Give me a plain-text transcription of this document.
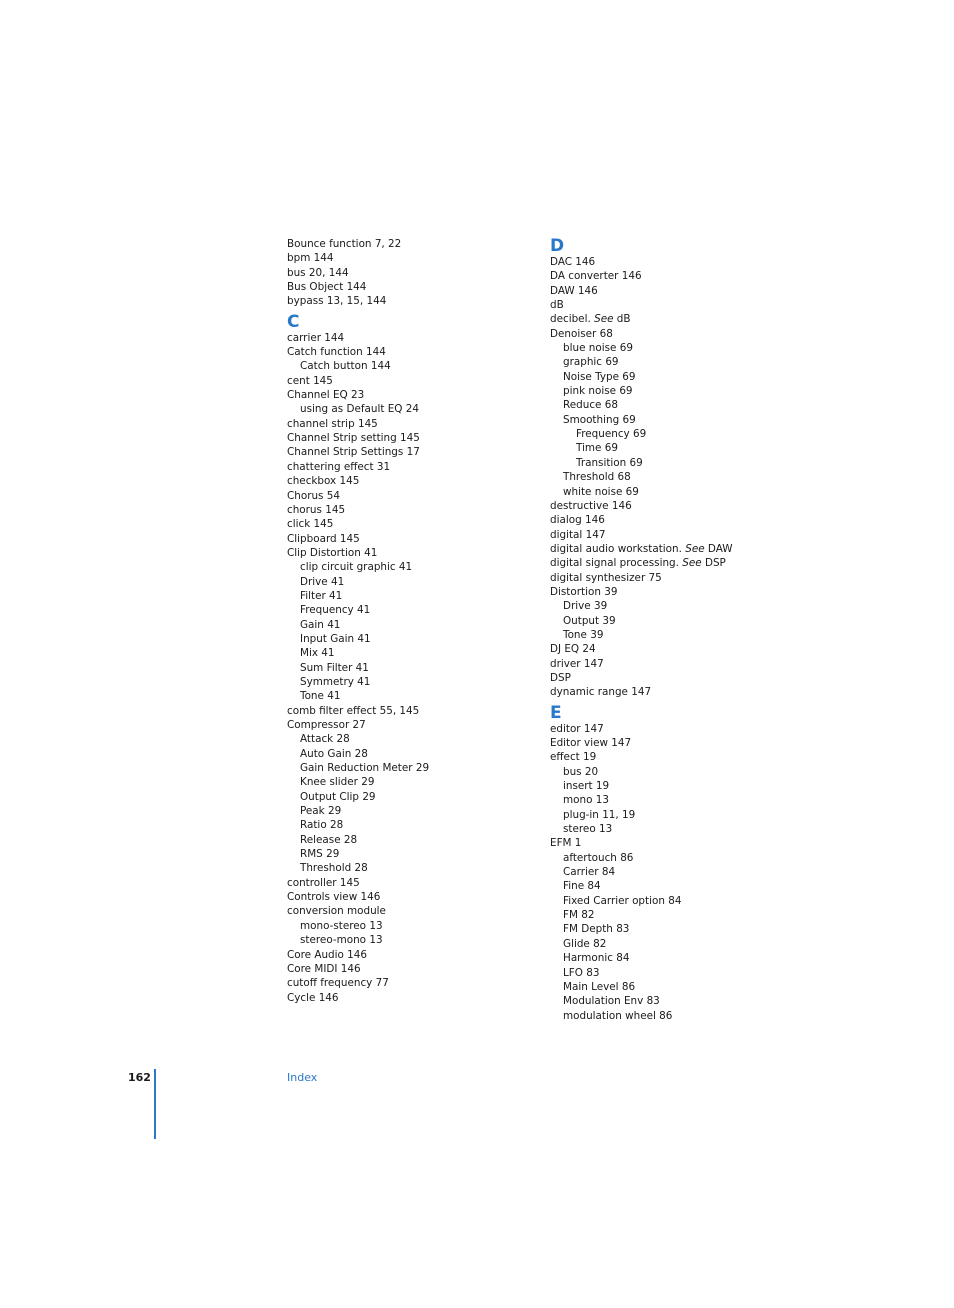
Bounce function 7, 22
bpm 144
bus 20, 144
Bus Object 144
bypass 13, 15, 144
C
carrier 144
Catch function 144
Catch button 144
cent 145
Channel EQ 23
using as Default EQ 24
channel strip 145
Channel Strip setting 145
Channel Strip Settings 17
chattering effect 31
checkbox 145
Chorus 54
chorus 145
click 145
Clipboard 145
Clip Distortion 41
clip circuit graphic 41
Drive 41
Filter 41
Frequency 41
Gain 41
Input Gain 41
Mix 41
Sum Filter 41
Symmetry 41
Tone 41
comb filter effect 55, 145
Compressor 27
Attack 28
Auto Gain 28
Gain Reduction Meter 29
Knee slider 29
Output Clip 29
Peak 29
Ratio 28
Release 28
RMS 29
Threshold 28
controller 145
Controls view 146
conversion module
mono-stereo 13
stereo-mono 13
Core Audio 146
Core MIDI 146
cutoff frequency 77
Cycle 146
D
DAC 146
DA converter 146
DAW 146
dB
decibel. See dB
Denoiser 68
blue noise 69
graphic 69
Noise Type 69
pink noise 69
Reduce 68
Smoothing 69
Frequency 69
Time 69
Transition 69
Threshold 68
white noise 69
destructive 146
dialog 146
digital 147
digital audio workstation. See DAW
digital signal processing. See DSP
digital synthesizer 75
Distortion 39
Drive 39
Output 39
Tone 39
DJ EQ 24
driver 147
DSP
dynamic range 147
E
editor 147
Editor view 147
effect 19
bus 20
insert 19
mono 13
plug-in 11, 19
stereo 13
EFM 1
aftertouch 86
Carrier 84
Fine 84
Fixed Carrier option 84
FM 82
FM Depth 83
Glide 82
Harmonic 84
LFO 83
Main Level 86
Modulation Env 83
modulation wheel 86
162	Index
